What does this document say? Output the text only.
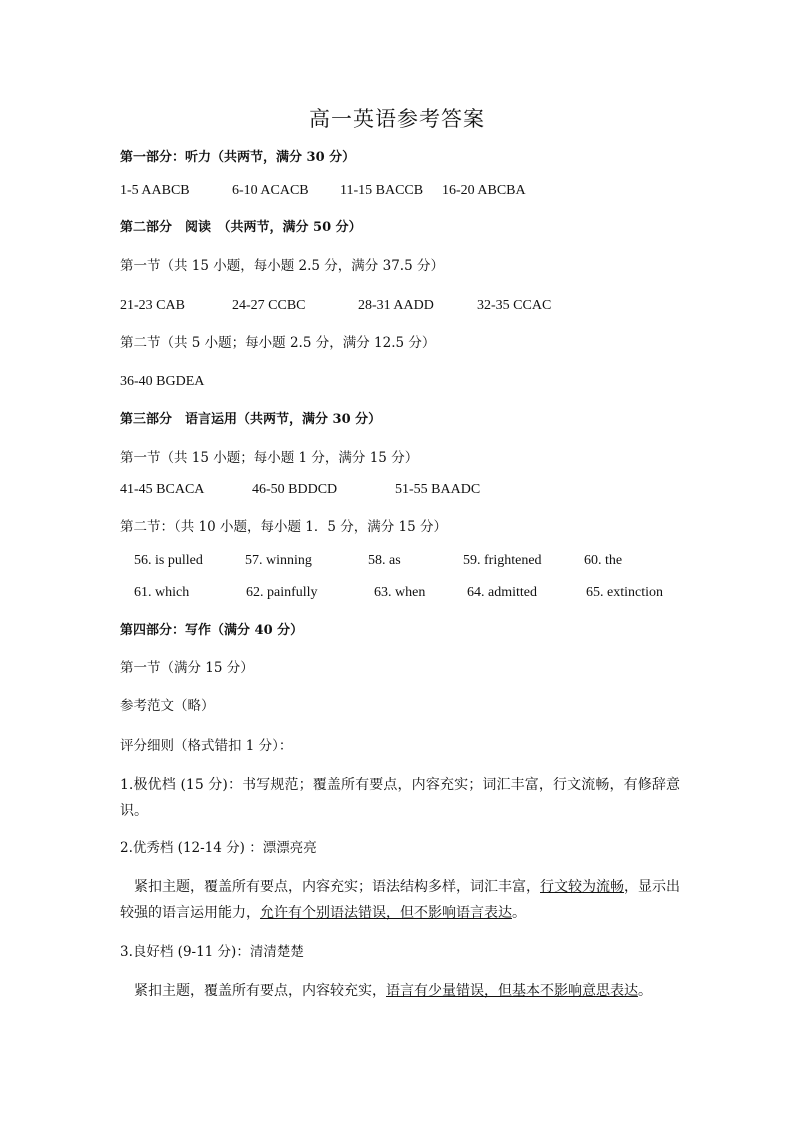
高一英语参考答案
第一部分：听力（共两节，满分 30 分）
1-5 AABCB	6-10 ACACB 11-15 BACCB 16-20 ABCBA
第二部分　阅读　（共两节，满分 50 分）
第一节（共 15 小题，每小题 2.5 分，满分 37.5 分）
21-23 CAB	24-27 CCBC	28-31 AADD	32-35 CCAC
第二节（共 5 小题；每小题 2.5 分，满分 12.5 分）
36-40 BGDEA
第三部分　语言运用（共两节，满分 30 分）
第一节（共 15 小题；每小题 1 分，满分 15 分）
41-45 BCACA	46-50 BDDCD	51-55 BAADC
第二节：（共 10 小题，每小题 1．5 分，满分 15 分）
56. is pulled	57. winning	58. as	59. frightened	60. the
61. which	62. painfully	63. when	64. admitted	65. extinction
第四部分：写作（满分 40 分）
第一节（满分 15 分）
参考范文（略）
评分细则（格式错扣 1 分）：
1.极优档 (15 分)：书写规范；覆盖所有要点，内容充实；词汇丰富，行文流畅，有修辞意识。
2.优秀档 (12-14 分) ：漂漂亮亮
紧扣主题，覆盖所有要点，内容充实；语法结构多样，词汇丰富，行文较为流畅，显示出较强的语言运用能力，允许有个别语法错误，但不影响语言表达。
3.良好档 (9-11 分)：清清楚楚
紧扣主题，覆盖所有要点，内容较充实，语言有少量错误，但基本不影响意思表达。
